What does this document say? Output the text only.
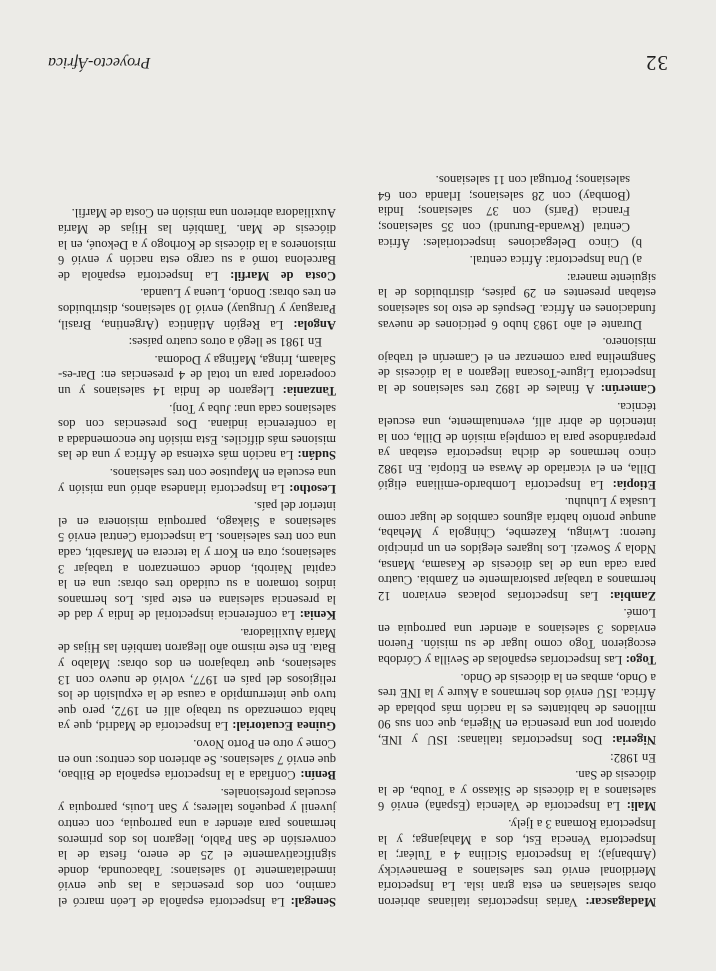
32
Proyecto-África

Madagascar: Varias inspectorías italianas abrieron obras salesianas en esta gran isla. La Inspectoría Meridional envió tres salesianos a Bemanevicky (Ambanja); la Inspectoría Sicilina 4 a Tuléar; la Inspectoría Venecia Est, dos a Mahajanga; y la Inspectoría Romana 3 a Ijely.

Mali: La Inspectoría de Valencia (España) envió 6 salesianos a la diócesis de Sikasso y a Touba, de la diócesis de San.

En 1982:

Nigeria: Dos Inspectorías italianas: ISU y INE, optaron por una presencia en Nigeria, que con sus 90 millones de habitantes es la nación más poblada de África. ISU envió dos hermanos a Akure y la INE tres a Ondo, ambas en la diócesis de Ondo.

Togo: Las Inspectorías españolas de Sevilla y Córdoba escogieron Togo como lugar de su misión. Fueron enviados 3 salesianos a atender una parroquia en Lomé.

Zambia: Las Inspectorías polacas enviaron 12 hermanos a trabajar pastoralmente en Zambia. Cuatro para cada una de las diócesis de Kasama, Mansa, Ndola y Sowezi. Los lugares elegidos en un principio fueron: Lwingu, Kazembe, Chingola y Mehaba, aunque pronto habría algunos cambios de lugar como Lusaka y Luhuhu.

Etiopía: La Inspectoría Lombardo-emiliana eligió Dilla, en el vicariado de Awasa en Etiopía. En 1982 cinco hermanos de dicha inspectoría estaban ya preparándose para la compleja misión de Dilla, con la intención de abrir allí, eventualmente, una escuela técnica.

Camerún: A finales de 1892 tres salesianos de la Inspectoría Ligure-Toscana llegaron a la diócesis de Sangmelina para comenzar en el Camerún el trabajo misionero.

Durante el año 1983 hubo 6 peticiones de nuevas fundaciones en África. Después de esto los salesianos estaban presentes en 29 países, distribuidos de la siguiente manera:

a) Una Inspectoría: África central.

b) Cinco Delegaciones inspectoriales: África Central (Rwanda-Burundi) con 35 salesianos; Francia (París) con 37 salesianos; India (Bombay) con 28 salesianos; Irlanda con 64 salesianos; Portugal con 11 salesianos.

Senegal: La Inspectoría española de León marcó el camino, con dos presencias a las que envió inmediatamente 10 salesianos: Tabacounda, donde significativamente el 25 de enero, fiesta de la conversión de San Pablo, llegaron los dos primeros hermanos para atender a una parroquia, con centro juvenil y pequeños talleres; y San Louis, parroquia y escuelas profesionales.

Benín: Confiada a la Inspectoría española de Bilbao, que envió 7 salesianos. Se abrieron dos centros: uno en Come y otro en Porto Novo.

Guinea Ecuatorial: La Inspectoría de Madrid, que ya había comenzado su trabajo allí en 1972, pero que tuvo que interrumpido a causa de la expulsión de los religiosos del país en 1977, volvió de nuevo con 13 salesianos, que trabajaron en dos obras: Malabo y Bata. En este mismo año llegaron también las Hijas de María Auxiliadora.

Kenia: La conferencia inspectorial de India y dad de la presencia salesiana en este país. Los hermanos indios tomaron a su cuidado tres obras: una en la capital Nairobi, donde comenzaron a trabajar 3 salesianos; otra en Korr y la tercera en Marsabit, cada una con tres salesianos. La inspectoría Central envió 5 salesianos a Siakago, parroquia misionera en el interior del país.

Lesotho: La Inspectoría irlandesa abrió una misión y una escuela en Maputsoe con tres salesianos.

Sudán: La nación más extensa de África y una de las misiones más difíciles. Esta misión fue encomendada a la conferencia indiana. Dos presencias con dos salesianos cada una: Juba y Tonj.

Tanzania: Llegaron de India 14 salesianos y un cooperador para un total de 4 presencias en: Dar-es-Salaam, Iringa, Mafinga y Dodoma.

En 1981 se llegó a otros cuatro países:

Angola: La Región Atlántica (Argentina, Brasil, Paraguay y Uruguay) envió 10 salesianos, distribuidos en tres obras: Dondo, Luena y Luanda.

Costa de Marfil: La Inspectoría española de Barcelona tomó a su cargo esta nación y envió 6 misioneros a la diócesis de Korhogo y a Dekoué, en la diócesis de Man. También las Hijas de María Auxiliadora abrieron una misión en Costa de Marfil.
